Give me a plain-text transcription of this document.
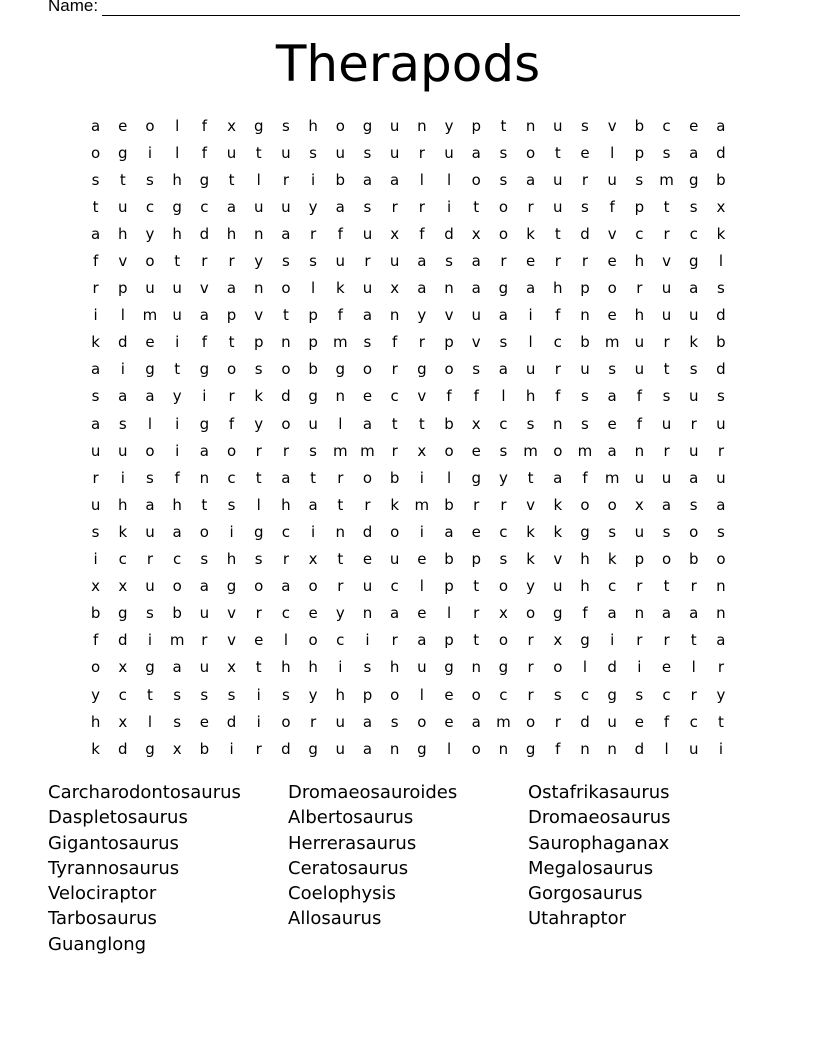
Name:
Therapods
a	e	o	l	f	x	g	s	h	o	g	u	n	y	p	t	n	u	s	v	b	c	e	a
o	g	i	l	f	u	t	u	s	u	s	u	r	u	a	s	o	t	e	l	p	s	a	d
s	t	s	h	g	t	l	r	i	b	a	a	l	l	o	s	a	u	r	u	s	m	g	b
t	u	c	g	c	a	u	u	y	a	s	r	r	i	t	o	r	u	s	f	p	t	s	x
a	h	y	h	d	h	n	a	r	f	u	x	f	d	x	o	k	t	d	v	c	r	c	k
f	v	o	t	r	r	y	s	s	u	r	u	a	s	a	r	e	r	r	e	h	v	g	l
r	p	u	u	v	a	n	o	l	k	u	x	a	n	a	g	a	h	p	o	r	u	a	s
i	l	m	u	a	p	v	t	p	f	a	n	y	v	u	a	i	f	n	e	h	u	u	d
k	d	e	i	f	t	p	n	p	m	s	f	r	p	v	s	l	c	b	m	u	r	k	b
a	i	g	t	g	o	s	o	b	g	o	r	g	o	s	a	u	r	u	s	u	t	s	d
s	a	a	y	i	r	k	d	g	n	e	c	v	f	f	l	h	f	s	a	f	s	u	s
a	s	l	i	g	f	y	o	u	l	a	t	t	b	x	c	s	n	s	e	f	u	r	u
u	u	o	i	a	o	r	r	s	m	m	r	x	o	e	s	m	o	m	a	n	r	u	r
r	i	s	f	n	c	t	a	t	r	o	b	i	l	g	y	t	a	f	m	u	u	a	u
u	h	a	h	t	s	l	h	a	t	r	k	m	b	r	r	v	k	o	o	x	a	s	a
s	k	u	a	o	i	g	c	i	n	d	o	i	a	e	c	k	k	g	s	u	s	o	s
i	c	r	c	s	h	s	r	x	t	e	u	e	b	p	s	k	v	h	k	p	o	b	o
x	x	u	o	a	g	o	a	o	r	u	c	l	p	t	o	y	u	h	c	r	t	r	n
b	g	s	b	u	v	r	c	e	y	n	a	e	l	r	x	o	g	f	a	n	a	a	n
f	d	i	m	r	v	e	l	o	c	i	r	a	p	t	o	r	x	g	i	r	r	t	a
o	x	g	a	u	x	t	h	h	i	s	h	u	g	n	g	r	o	l	d	i	e	l	r
y	c	t	s	s	s	i	s	y	h	p	o	l	e	o	c	r	s	c	g	s	c	r	y
h	x	l	s	e	d	i	o	r	u	a	s	o	e	a	m	o	r	d	u	e	f	c	t
k	d	g	x	b	i	r	d	g	u	a	n	g	l	o	n	g	f	n	n	d	l	u	i
Carcharodontosaurus	Dromaeosauroides	Ostafrikasaurus
Daspletosaurus	Albertosaurus	Dromaeosaurus
Gigantosaurus	Herrerasaurus	Saurophaganax
Tyrannosaurus	Ceratosaurus	Megalosaurus
Velociraptor	Coelophysis	Gorgosaurus
Tarbosaurus	Allosaurus	Utahraptor
Guanglong
